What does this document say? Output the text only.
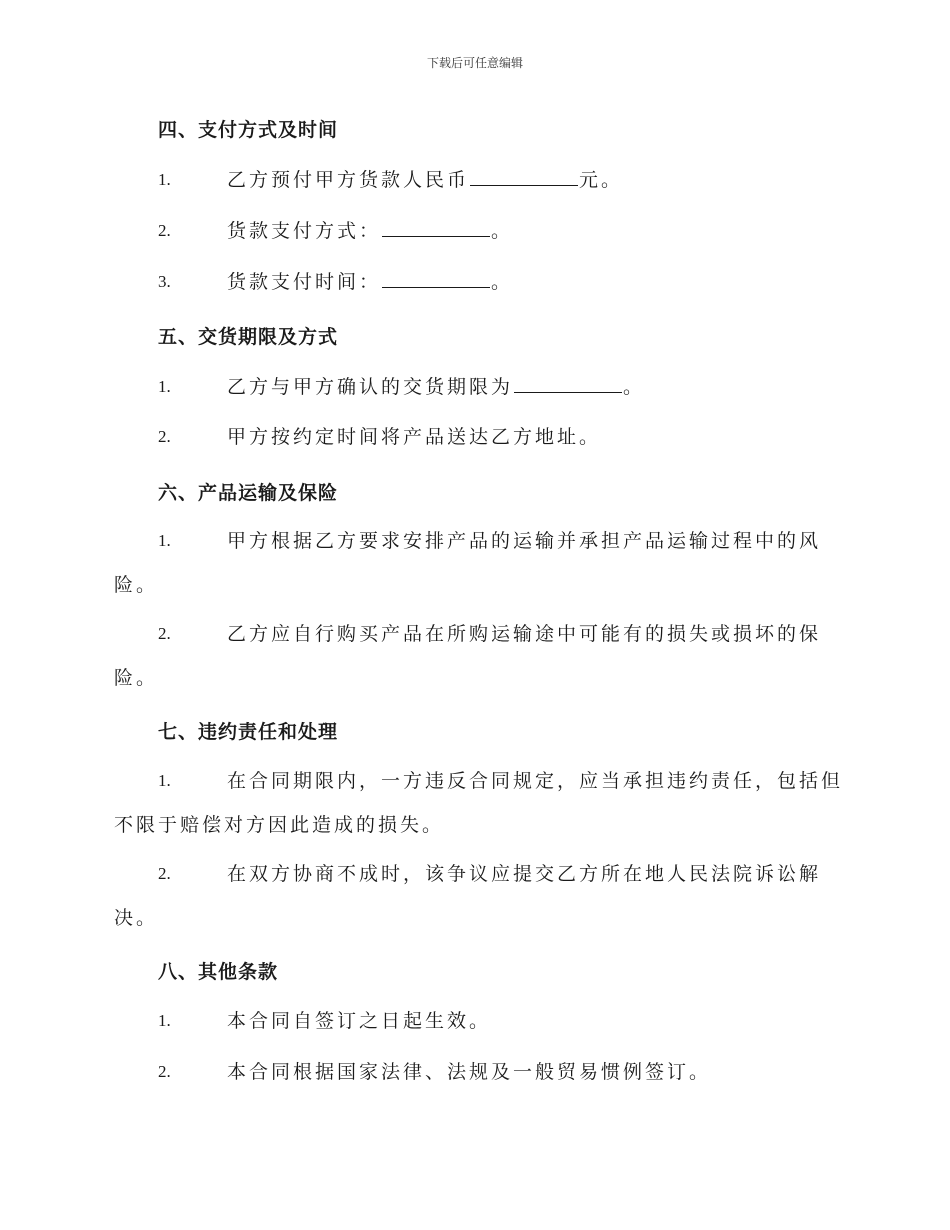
下载后可任意编辑
四、支付方式及时间
1.	乙方预付甲方货款人民币	元。
2.	货款支付方式：	。
3.	货款支付时间：	。
五、交货期限及方式
1.	乙方与甲方确认的交货期限为	。
2.	甲方按约定时间将产品送达乙方地址。
六、产品运输及保险
1.	甲方根据乙方要求安排产品的运输并承担产品运输过程中的风
险。
2.	乙方应自行购买产品在所购运输途中可能有的损失或损坏的保
险。
七、违约责任和处理
1.	在合同期限内，一方违反合同规定，应当承担违约责任，包括但
不限于赔偿对方因此造成的损失。
2.	在双方协商不成时，该争议应提交乙方所在地人民法院诉讼解
决。
八、其他条款
1.	本合同自签订之日起生效。
2.	本合同根据国家法律、法规及一般贸易惯例签订。
